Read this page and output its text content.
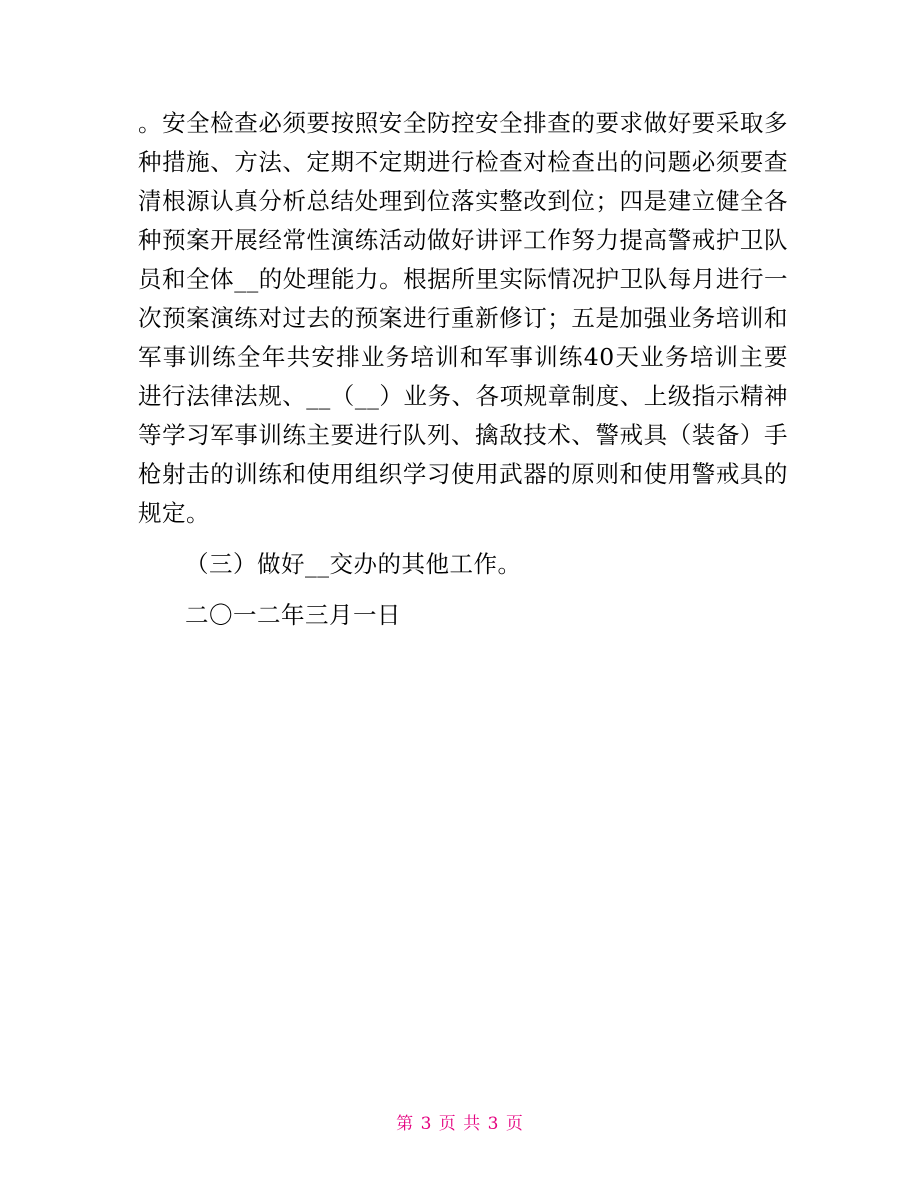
。安全检查必须要按照安全防控安全排查的要求做好要采取多种措施、方法、定期不定期进行检查对检查出的问题必须要查清根源认真分析总结处理到位落实整改到位；四是建立健全各种预案开展经常性演练活动做好讲评工作努力提高警戒护卫队员和全体__的处理能力。根据所里实际情况护卫队每月进行一次预案演练对过去的预案进行重新修订；五是加强业务培训和军事训练全年共安排业务培训和军事训练40天业务培训主要进行法律法规、__（__）业务、各项规章制度、上级指示精神等学习军事训练主要进行队列、擒敌技术、警戒具（装备）手枪射击的训练和使用组织学习使用武器的原则和使用警戒具的规定。

（三）做好__交办的其他工作。

二〇一二年三月一日

第 3 页 共 3 页
